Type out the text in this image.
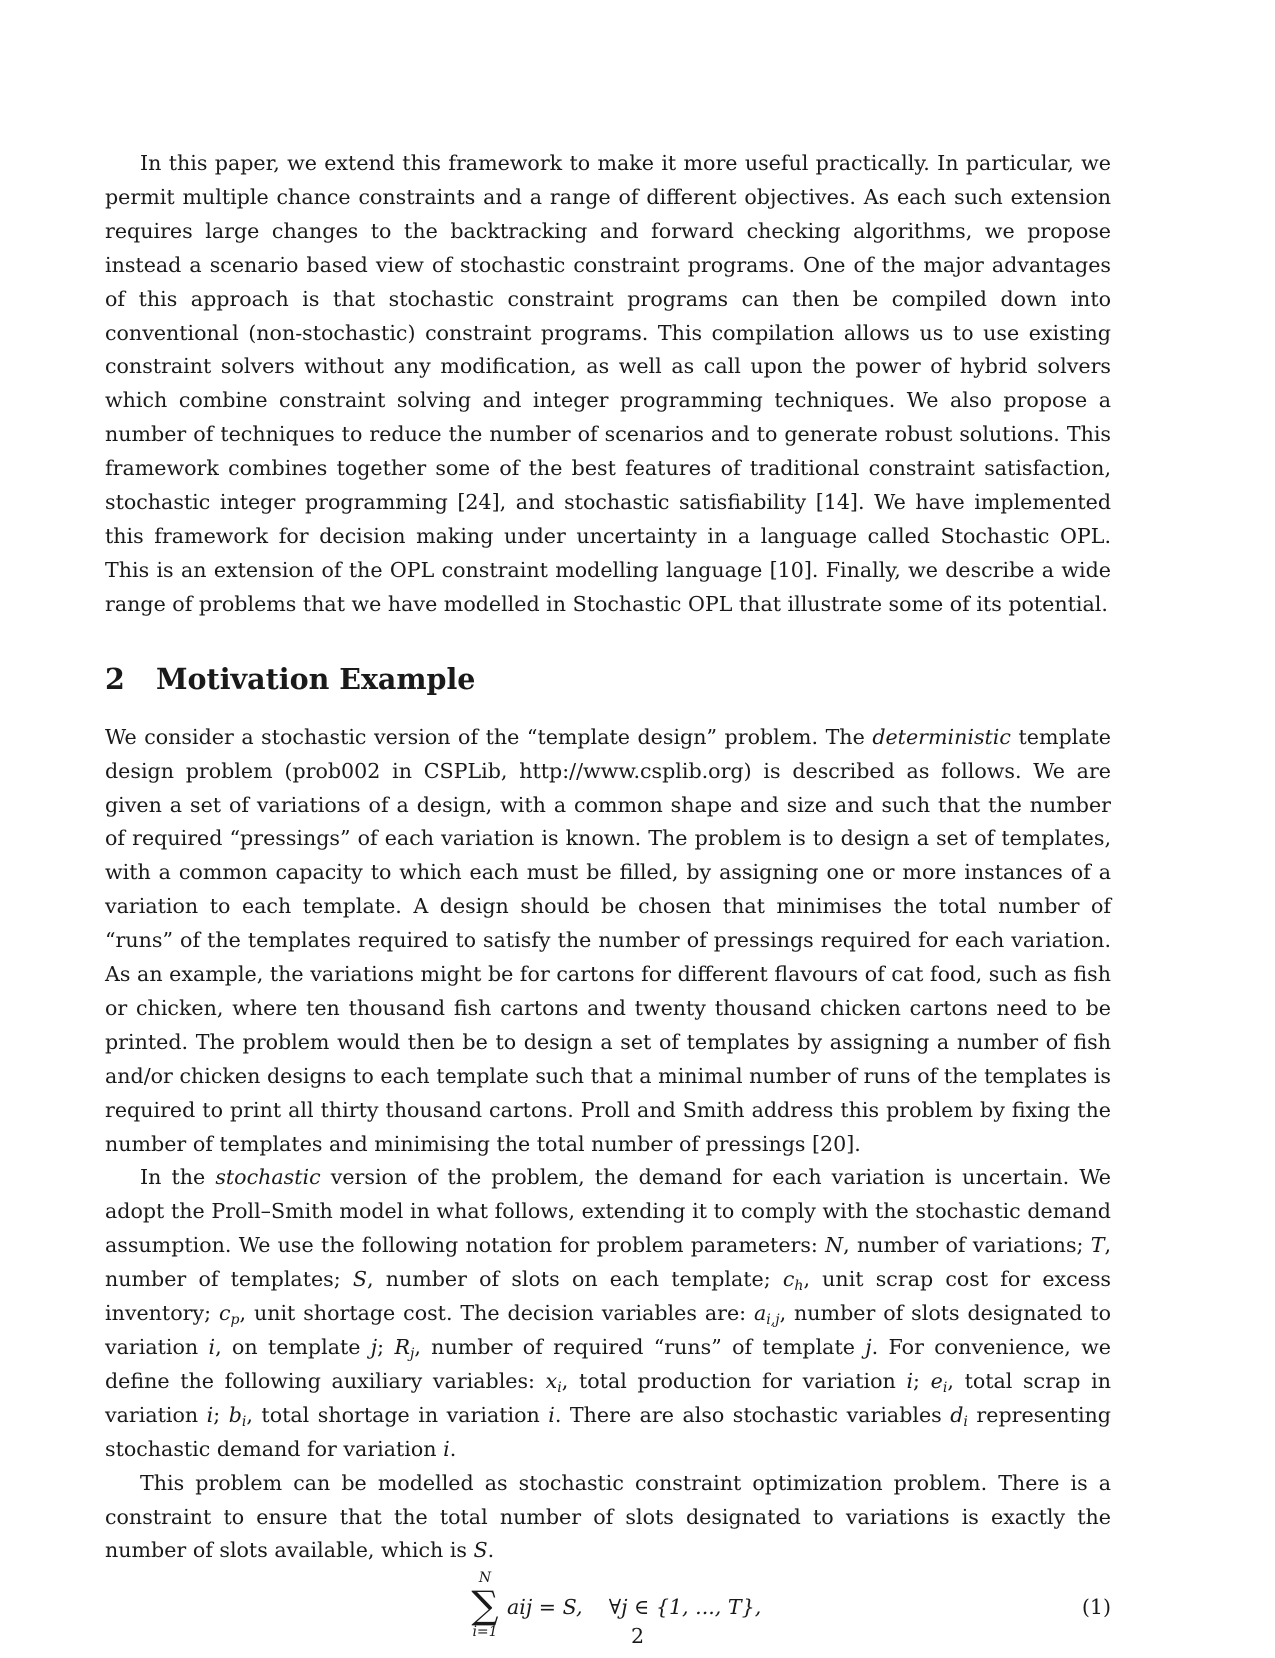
In this paper, we extend this framework to make it more useful practically. In particular, we permit multiple chance constraints and a range of different objectives. As each such extension requires large changes to the backtracking and forward checking algorithms, we propose instead a scenario based view of stochastic constraint programs. One of the major advantages of this approach is that stochastic constraint programs can then be compiled down into conventional (non-stochastic) constraint programs. This compilation allows us to use existing constraint solvers without any modification, as well as call upon the power of hybrid solvers which combine constraint solving and integer programming techniques. We also propose a number of techniques to reduce the number of scenarios and to generate robust solutions. This framework combines together some of the best features of traditional constraint satisfaction, stochastic integer programming [24], and stochastic satisfiability [14]. We have implemented this framework for decision making under uncertainty in a language called Stochastic OPL. This is an extension of the OPL constraint modelling language [10]. Finally, we describe a wide range of problems that we have modelled in Stochastic OPL that illustrate some of its potential.

2 Motivation Example

We consider a stochastic version of the “template design” problem. The deterministic template design problem (prob002 in CSPLib, http://www.csplib.org) is described as follows. We are given a set of variations of a design, with a common shape and size and such that the number of required “pressings” of each variation is known. The problem is to design a set of templates, with a common capacity to which each must be filled, by assigning one or more instances of a variation to each template. A design should be chosen that minimises the total number of “runs” of the templates required to satisfy the number of pressings required for each variation. As an example, the variations might be for cartons for different flavours of cat food, such as fish or chicken, where ten thousand fish cartons and twenty thousand chicken cartons need to be printed. The problem would then be to design a set of templates by assigning a number of fish and/or chicken designs to each template such that a minimal number of runs of the templates is required to print all thirty thousand cartons. Proll and Smith address this problem by fixing the number of templates and minimising the total number of pressings [20].

In the stochastic version of the problem, the demand for each variation is uncertain. We adopt the Proll–Smith model in what follows, extending it to comply with the stochastic demand assumption. We use the following notation for problem parameters: N, number of variations; T, number of templates; S, number of slots on each template; $c_h$, unit scrap cost for excess inventory; $c_p$, unit shortage cost. The decision variables are: $a_{i,j}$, number of slots designated to variation i, on template j; $R_j$, number of required “runs” of template j. For convenience, we define the following auxiliary variables: $x_i$, total production for variation i; $e_i$, total scrap in variation i; $b_i$, total shortage in variation i. There are also stochastic variables $d_i$ representing stochastic demand for variation i.

This problem can be modelled as stochastic constraint optimization problem. There is a constraint to ensure that the total number of slots designated to variations is exactly the number of slots available, which is S.

N
∑
i=1
aij = S,    ∀j ∈ {1, ..., T},	(1)
2
